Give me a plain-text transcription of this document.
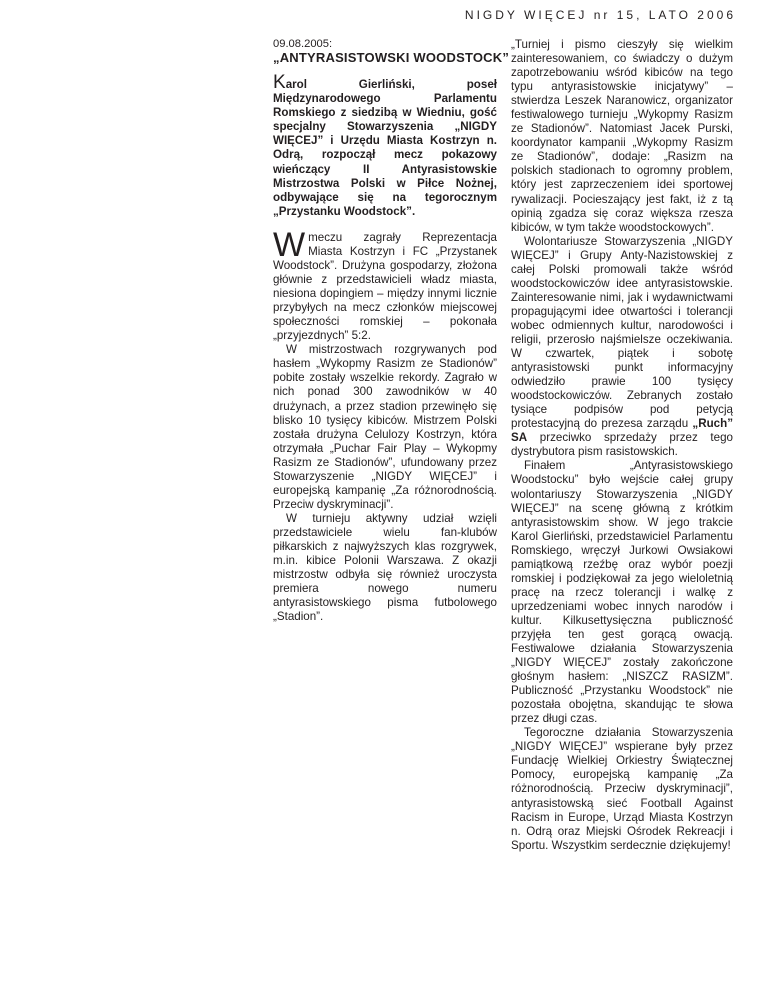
NIGDY WIĘCEJ nr 15, LATO 2006

09.08.2005:

„ANTYRASISTOWSKI WOODSTOCK”

Karol Gierliński, poseł Międzynarodowego Parlamentu Romskiego z siedzibą w Wiedniu, gość specjalny Stowarzyszenia „NIGDY WIĘCEJ” i Urzędu Miasta Kostrzyn n. Odrą, rozpoczął mecz pokazowy wieńczący II Antyrasistowskie Mistrzostwa Polski w Piłce Nożnej, odbywające się na tegorocznym „Przystanku Woodstock”.

Wmeczu zagrały Reprezentacja Miasta Kostrzyn i FC „Przystanek Woodstock”. Drużyna gospodarzy, złożona głównie z przedstawicieli władz miasta, niesiona dopingiem – między innymi licznie przybyłych na mecz członków miejscowej społeczności romskiej – pokonała „przyjezdnych” 5:2.

W mistrzostwach rozgrywanych pod hasłem „Wykopmy Rasizm ze Stadionów” pobite zostały wszelkie rekordy. Zagrało w nich ponad 300 zawodników w 40 drużynach, a przez stadion przewinęło się blisko 10 tysięcy kibiców. Mistrzem Polski została drużyna Celulozy Kostrzyn, która otrzymała „Puchar Fair Play – Wykopmy Rasizm ze Stadionów”, ufundowany przez Stowarzyszenie „NIGDY WIĘCEJ” i europejską kampanię „Za różnorodnością. Przeciw dyskryminacji”.

W turnieju aktywny udział wzięli przedstawiciele wielu fan-klubów piłkarskich z najwyższych klas rozgrywek, m.in. kibice Polonii Warszawa. Z okazji mistrzostw odbyła się również uroczysta premiera nowego numeru antyrasistowskiego pisma futbolowego „Stadion”.

„Turniej i pismo cieszyły się wielkim zainteresowaniem, co świadczy o dużym zapotrzebowaniu wśród kibiców na tego typu antyrasistowskie inicjatywy” – stwierdza Leszek Naranowicz, organizator festiwalowego turnieju „Wykopmy Rasizm ze Stadionów”. Natomiast Jacek Purski, koordynator kampanii „Wykopmy Rasizm ze Stadionów”, dodaje: „Rasizm na polskich stadionach to ogromny problem, który jest zaprzeczeniem idei sportowej rywalizacji. Pocieszający jest fakt, iż z tą opinią zgadza się coraz większa rzesza kibiców, w tym także woodstockowych”.

Wolontariusze Stowarzyszenia „NIGDY WIĘCEJ” i Grupy Anty-Nazistowskiej z całej Polski promowali także wśród woodstockowiczów idee antyrasistowskie. Zainteresowanie nimi, jak i wydawnictwami propagującymi idee otwartości i tolerancji wobec odmiennych kultur, narodowości i religii, przerosło najśmielsze oczekiwania. W czwartek, piątek i sobotę antyrasistowski punkt informacyjny odwiedziło prawie 100 tysięcy woodstockowiczów. Zebranych zostało tysiące podpisów pod petycją protestacyjną do prezesa zarządu „Ruch” SA przeciwko sprzedaży przez tego dystrybutora pism rasistowskich.

Finałem „Antyrasistowskiego Woodstocku” było wejście całej grupy wolontariuszy Stowarzyszenia „NIGDY WIĘCEJ” na scenę główną z krótkim antyrasistowskim show. W jego trakcie Karol Gierliński, przedstawiciel Parlamentu Romskiego, wręczył Jurkowi Owsiakowi pamiątkową rzeźbę oraz wybór poezji romskiej i podziękował za jego wieloletnią pracę na rzecz tolerancji i walkę z uprzedzeniami wobec innych narodów i kultur. Kilkusettysięczna publiczność przyjęła ten gest gorącą owacją. Festiwalowe działania Stowarzyszenia „NIGDY WIĘCEJ” zostały zakończone głośnym hasłem: „NISZCZ RASIZM”. Publiczność „Przystanku Woodstock” nie pozostała obojętna, skandując te słowa przez długi czas.

Tegoroczne działania Stowarzyszenia „NIGDY WIĘCEJ” wspierane były przez Fundację Wielkiej Orkiestry Świątecznej Pomocy, europejską kampanię „Za różnorodnością. Przeciw dyskryminacji”, antyrasistowską sieć Football Against Racism in Europe, Urząd Miasta Kostrzyn n. Odrą oraz Miejski Ośrodek Rekreacji i Sportu. Wszystkim serdecznie dziękujemy!
